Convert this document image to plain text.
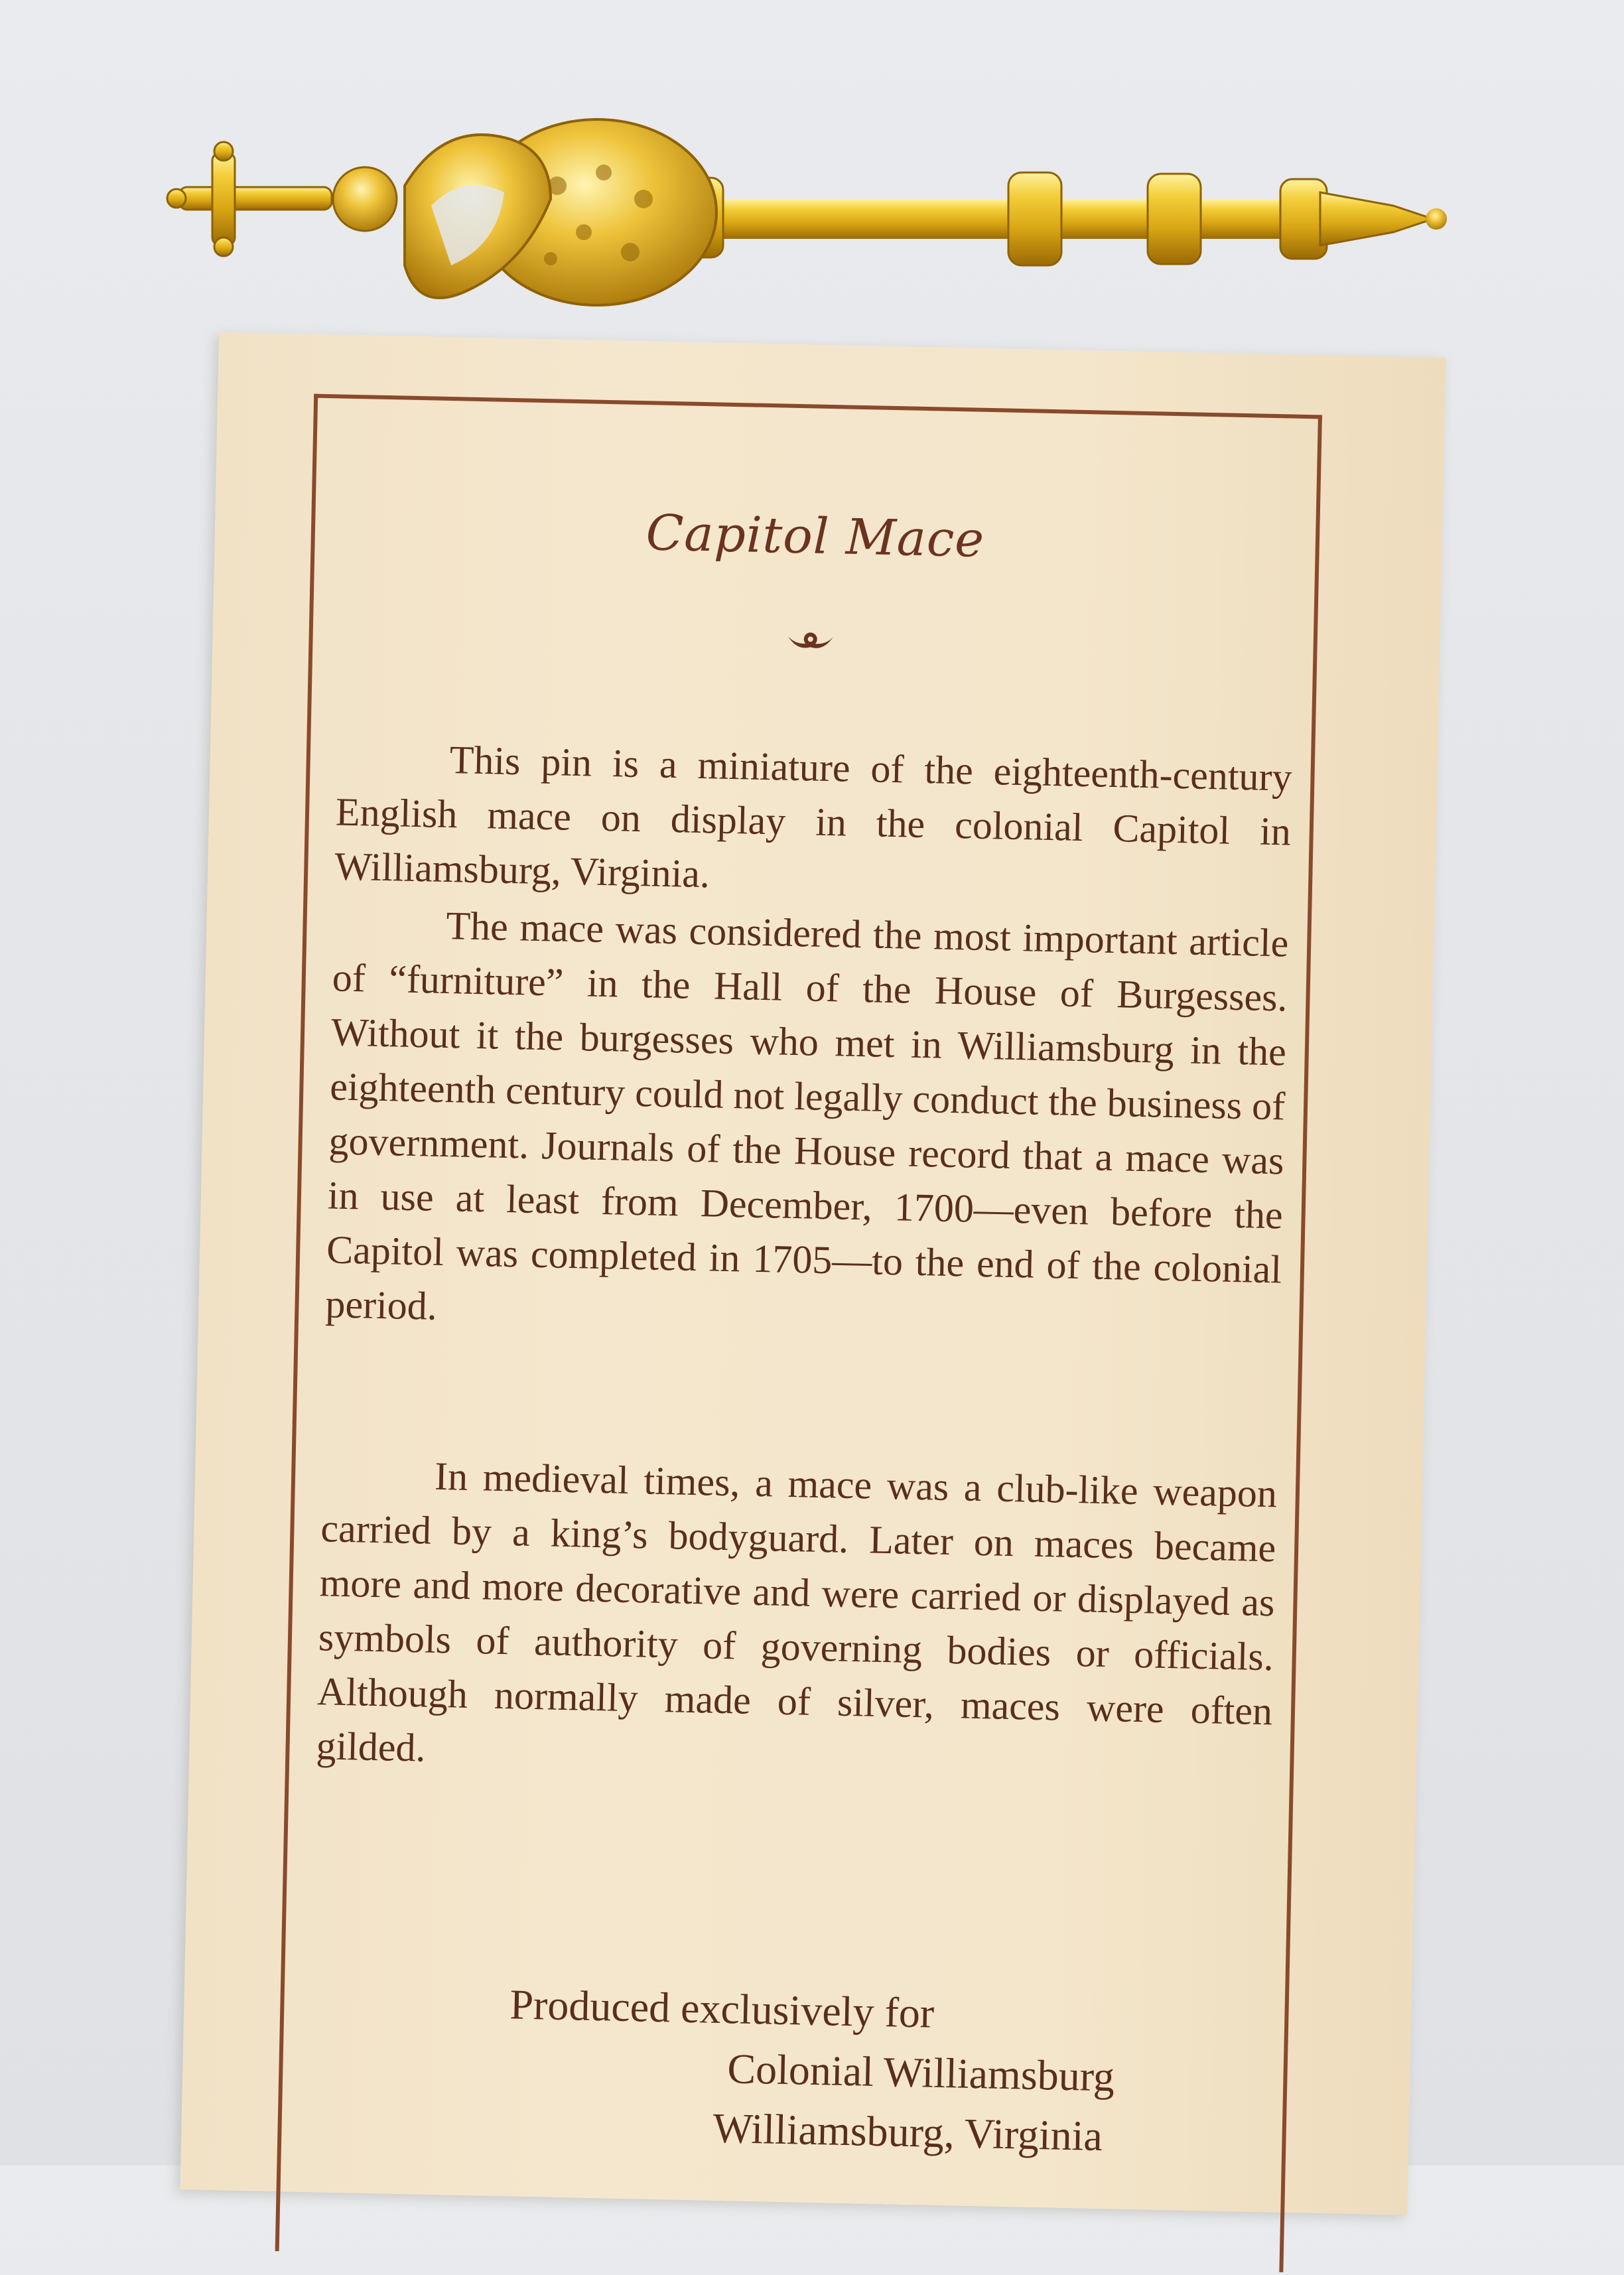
Capitol Mace

This pin is a miniature of the eighteenth-century English mace on display in the colonial Capitol in Williamsburg, Virginia.

The mace was considered the most important article of “furniture” in the Hall of the House of Burgesses. Without it the burgesses who met in Williamsburg in the eighteenth century could not legally conduct the business of government. Journals of the House record that a mace was in use at least from December, 1700—even before the Capitol was completed in 1705—to the end of the colonial period.

In medieval times, a mace was a club-like weapon carried by a king’s bodyguard. Later on maces became more and more decorative and were carried or displayed as symbols of authority of governing bodies or officials. Although normally made of silver, maces were often gilded.

Produced exclusively for
Colonial Williamsburg
Williamsburg, Virginia
